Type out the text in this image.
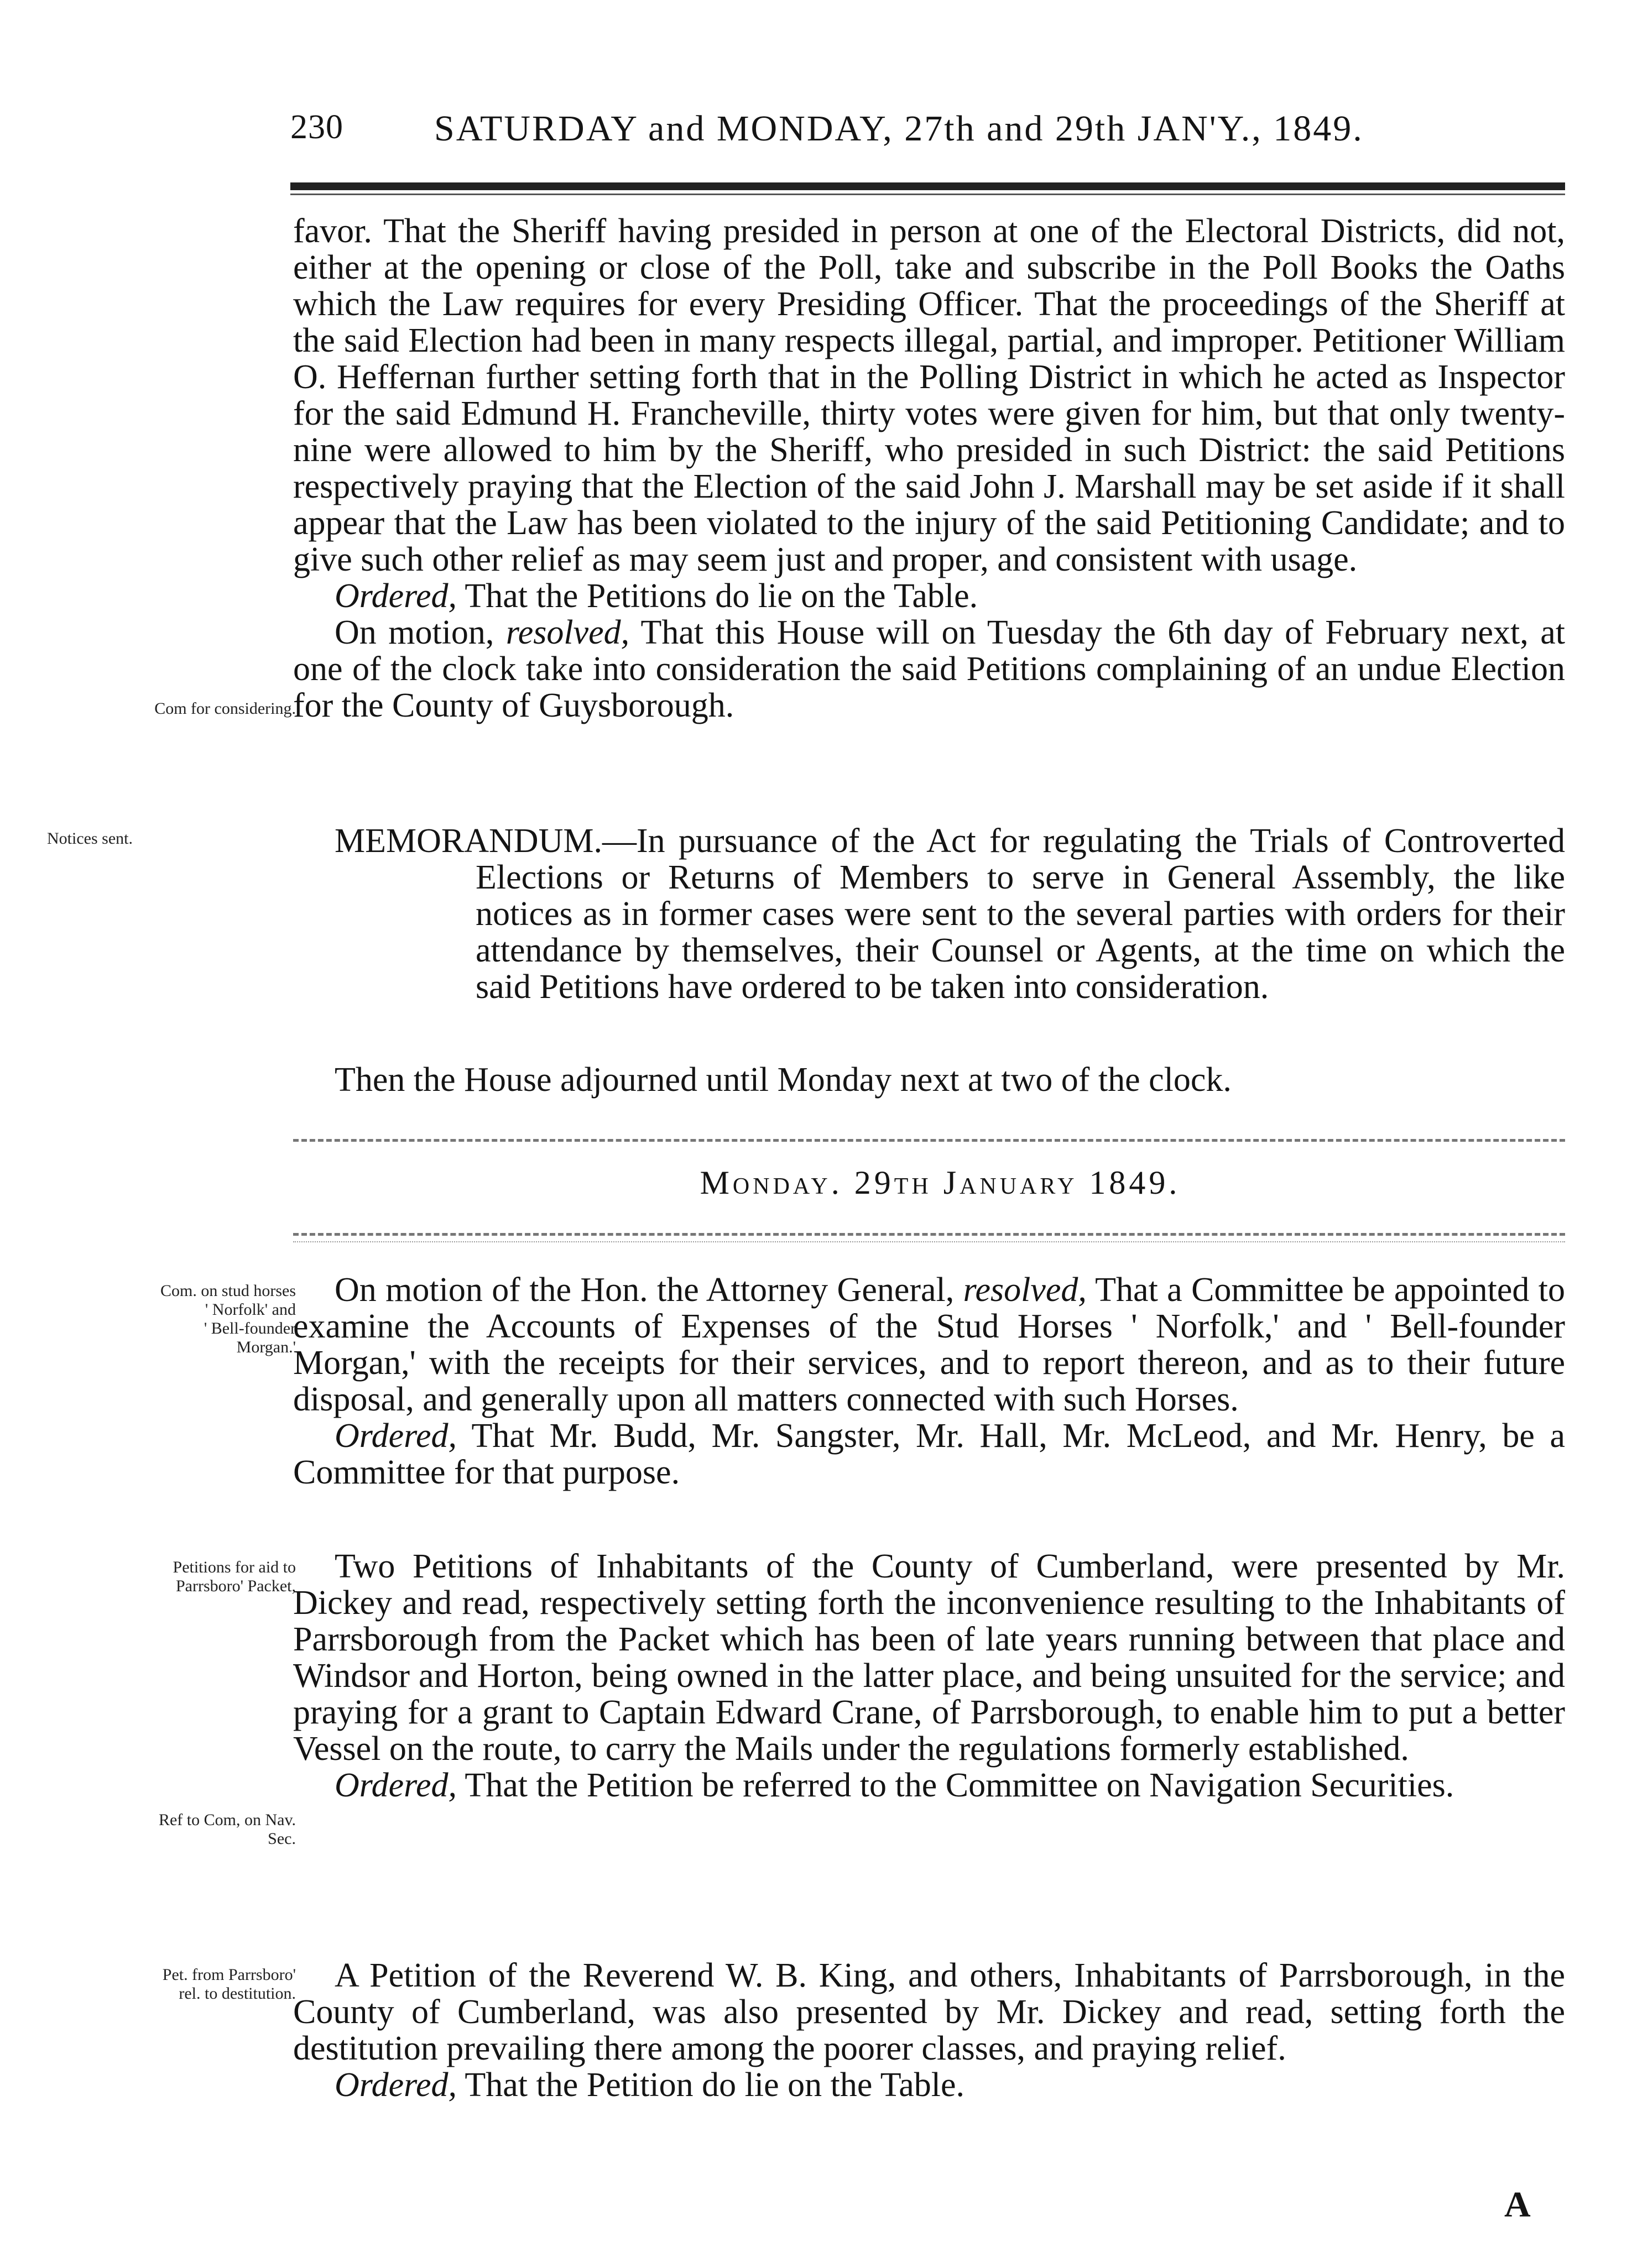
230 SATURDAY and MONDAY, 27th and 29th JAN'Y., 1849.

favor. That the Sheriff having presided in person at one of the Electoral Districts, did not, either at the opening or close of the Poll, take and subscribe in the Poll Books the Oaths which the Law requires for every Presiding Officer. That the proceedings of the Sheriff at the said Election had been in many respects illegal, partial, and improper. Petitioner William O. Heffernan further setting forth that in the Polling District in which he acted as Inspector for the said Edmund H. Francheville, thirty votes were given for him, but that only twenty-nine were allowed to him by the Sheriff, who presided in such District: the said Petitions respectively praying that the Election of the said John J. Marshall may be set aside if it shall appear that the Law has been violated to the injury of the said Petitioning Candidate; and to give such other relief as may seem just and proper, and consistent with usage.

Ordered, That the Petitions do lie on the Table.

On motion, resolved, That this House will on Tuesday the 6th day of February next, at one of the clock take into consideration the said Petitions complaining of an undue Election for the County of Guysborough.

Com for considering.
Notices sent.	MEMORANDUM.—In pursuance of the Act for regulating the Trials of Controverted Elections or Returns of Members to serve in General Assembly, the like notices as in former cases were sent to the several parties with orders for their attendance by themselves, their Counsel or Agents, at the time on which the said Petitions have ordered to be taken into consideration.

Then the House adjourned until Monday next at two of the clock.

Monday. 29th January 1849.
Com. on stud horses
' Norfolk' and
' Bell-founder
Morgan.'

On motion of the Hon. the Attorney General, resolved, That a Committee be appointed to examine the Accounts of Expenses of the Stud Horses ' Norfolk,' and ' Bell-founder Morgan,' with the receipts for their services, and to report thereon, and as to their future disposal, and generally upon all matters connected with such Horses.

Ordered, That Mr. Budd, Mr. Sangster, Mr. Hall, Mr. McLeod, and Mr. Henry, be a Committee for that purpose.

Petitions for aid to
Parrsboro' Packet,

Two Petitions of Inhabitants of the County of Cumberland, were presented by Mr. Dickey and read, respectively setting forth the inconvenience resulting to the Inhabitants of Parrsborough from the Packet which has been of late years running between that place and Windsor and Horton, being owned in the latter place, and being unsuited for the service; and praying for a grant to Captain Edward Crane, of Parrsborough, to enable him to put a better Vessel on the route, to carry the Mails under the regulations formerly established.

Ordered, That the Petition be referred to the Committee on Navigation Securities.

Ref to Com, on Nav.
Sec.
Pet. from Parrsboro'
rel. to destitution.	A Petition of the Reverend W. B. King, and others, Inhabitants of Parrsborough, in the County of Cumberland, was also presented by Mr. Dickey and read, setting forth the destitution prevailing there among the poorer classes, and praying relief.

Ordered, That the Petition do lie on the Table.

A
